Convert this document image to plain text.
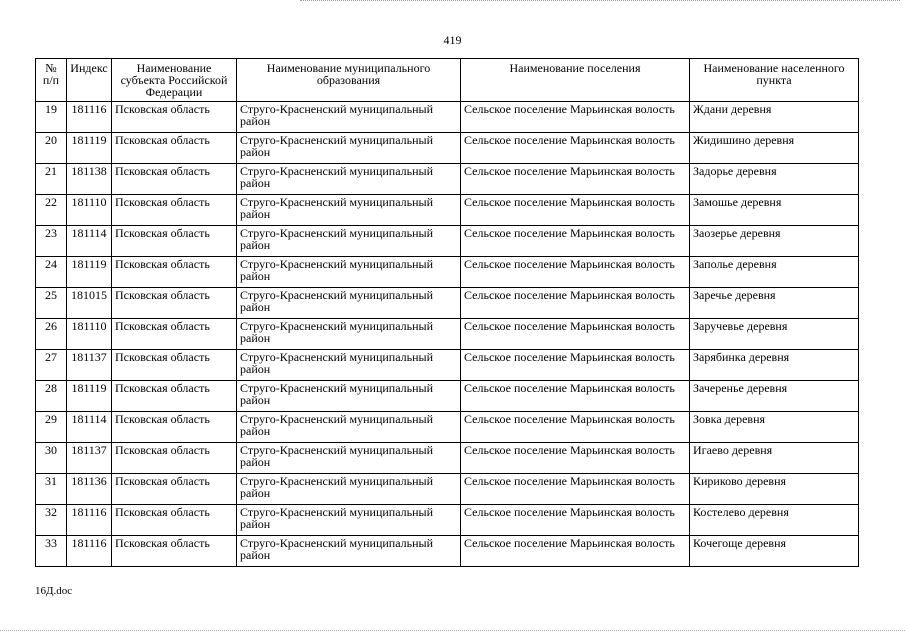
419
№ п/п	Индекс	Наименование субъекта Российской Федерации	Наименование муниципального образования	Наименование поселения	Наименование населенного пункта
19	181116	Псковская область	Струго-Красненский муниципальный район	Сельское поселение Марьинская волость	Ждани деревня
20	181119	Псковская область	Струго-Красненский муниципальный район	Сельское поселение Марьинская волость	Жидишино деревня
21	181138	Псковская область	Струго-Красненский муниципальный район	Сельское поселение Марьинская волость	Задорье деревня
22	181110	Псковская область	Струго-Красненский муниципальный район	Сельское поселение Марьинская волость	Замошье деревня
23	181114	Псковская область	Струго-Красненский муниципальный район	Сельское поселение Марьинская волость	Заозерье деревня
24	181119	Псковская область	Струго-Красненский муниципальный район	Сельское поселение Марьинская волость	Заполье деревня
25	181015	Псковская область	Струго-Красненский муниципальный район	Сельское поселение Марьинская волость	Заречье деревня
26	181110	Псковская область	Струго-Красненский муниципальный район	Сельское поселение Марьинская волость	Заручевье деревня
27	181137	Псковская область	Струго-Красненский муниципальный район	Сельское поселение Марьинская волость	Зарябинка деревня
28	181119	Псковская область	Струго-Красненский муниципальный район	Сельское поселение Марьинская волость	Зачеренье деревня
29	181114	Псковская область	Струго-Красненский муниципальный район	Сельское поселение Марьинская волость	Зовка деревня
30	181137	Псковская область	Струго-Красненский муниципальный район	Сельское поселение Марьинская волость	Игаево деревня
31	181136	Псковская область	Струго-Красненский муниципальный район	Сельское поселение Марьинская волость	Кириково деревня
32	181116	Псковская область	Струго-Красненский муниципальный район	Сельское поселение Марьинская волость	Костелево деревня
33	181116	Псковская область	Струго-Красненский муниципальный район	Сельское поселение Марьинская волость	Кочегоще деревня
16Д.doc
